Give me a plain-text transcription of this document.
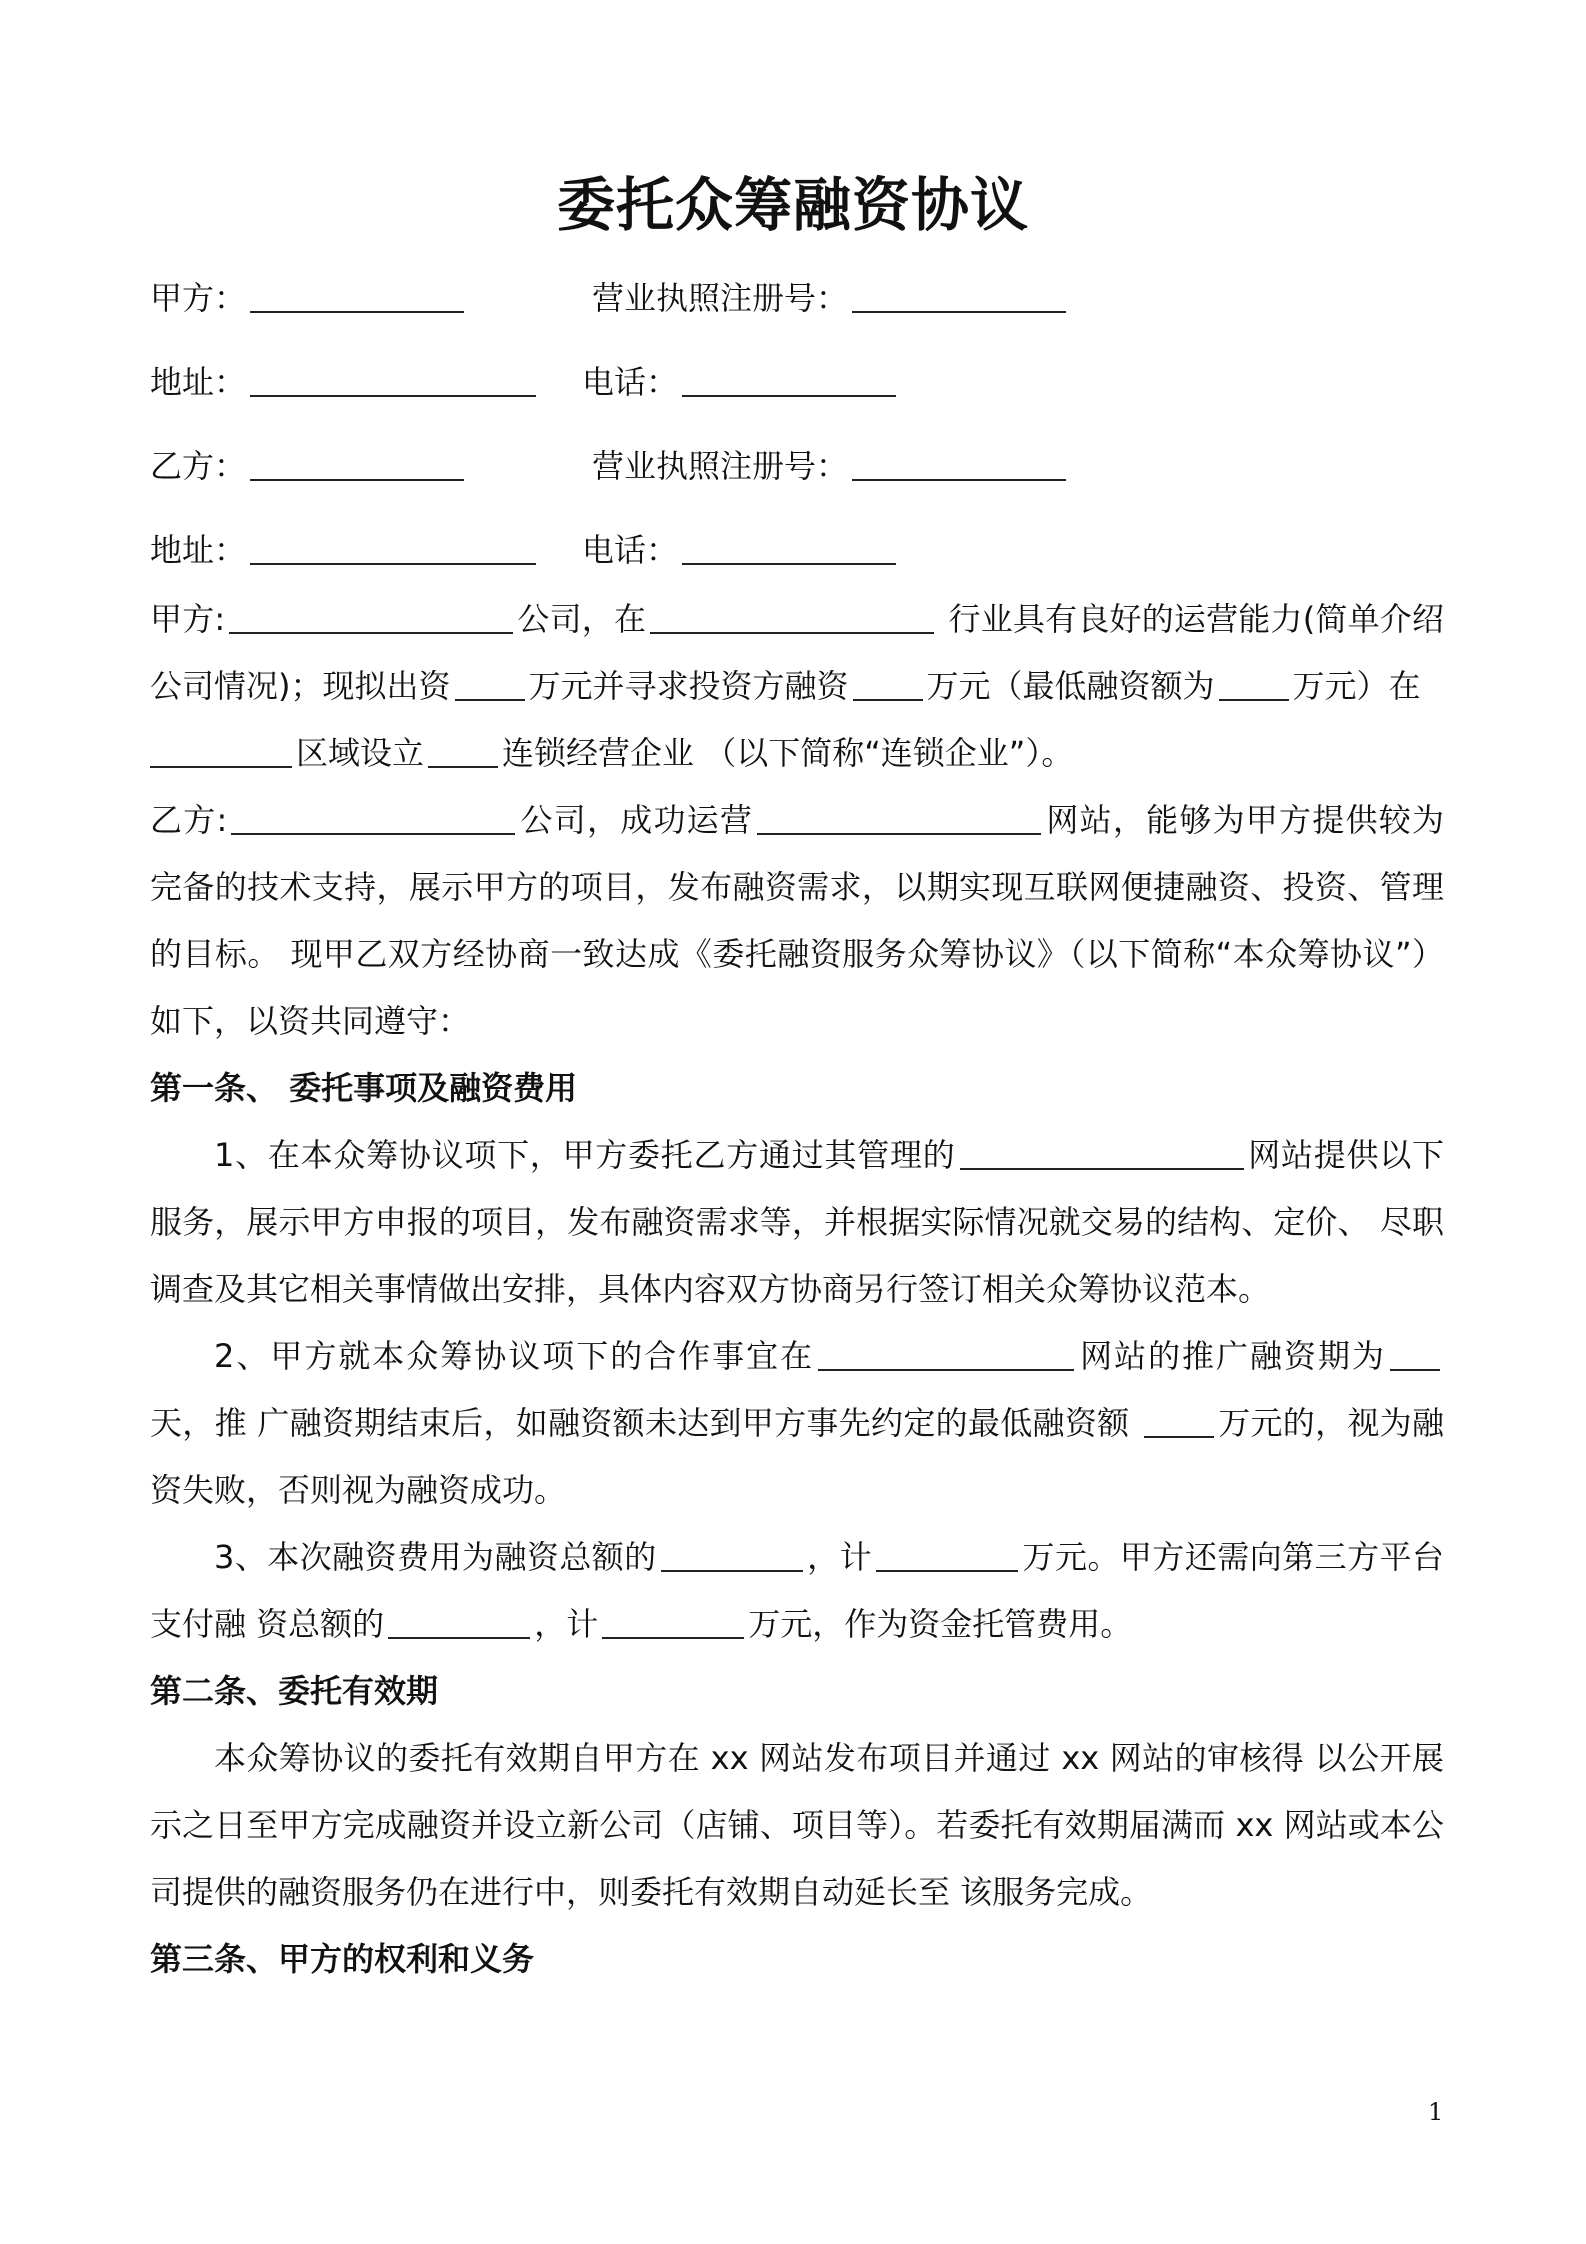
委托众筹融资协议
甲方：	营业执照注册号：
地址：	电话：
乙方：	营业执照注册号：
地址：	电话：

甲方:	公司，在	行业具有良好的运营能力(简单介绍公司情况)；现拟出资 万元并寻求投资方融资 万元（最低融资额为 万元）在
区域设立 连锁经营企业 （以下简称“连锁企业”）。

乙方:	公司，成功运营	网站，能够为甲方提供较为完备的技术支持，展示甲方的项目，发布融资需求，以期实现互联网便捷融资、投资、管理的目标。 现甲乙双方经协商一致达成《委托融资服务众筹协议》（以下简称“本众筹协议”）如下，以资共同遵守：

第一条、 委托事项及融资费用

1、在本众筹协议项下，甲方委托乙方通过其管理的	网站提供以下服务，展示甲方申报的项目，发布融资需求等，并根据实际情况就交易的结构、定价、 尽职调查及其它相关事情做出安排，具体内容双方协商另行签订相关众筹协议范本。

2、甲方就本众筹协议项下的合作事宜在	网站的推广融资期为天，推 广融资期结束后，如融资额未达到甲方事先约定的最低融资额 万元的，视为融资失败，否则视为融资成功。

3、本次融资费用为融资总额的	，计	万元。甲方还需向第三方平台支付融 资总额的	，计	万元，作为资金托管费用。

第二条、委托有效期

本众筹协议的委托有效期自甲方在 xx 网站发布项目并通过 xx 网站的审核得 以公开展示之日至甲方完成融资并设立新公司（店铺、项目等）。若委托有效期届满而 xx 网站或本公司提供的融资服务仍在进行中，则委托有效期自动延长至 该服务完成。

第三条、甲方的权利和义务

1
